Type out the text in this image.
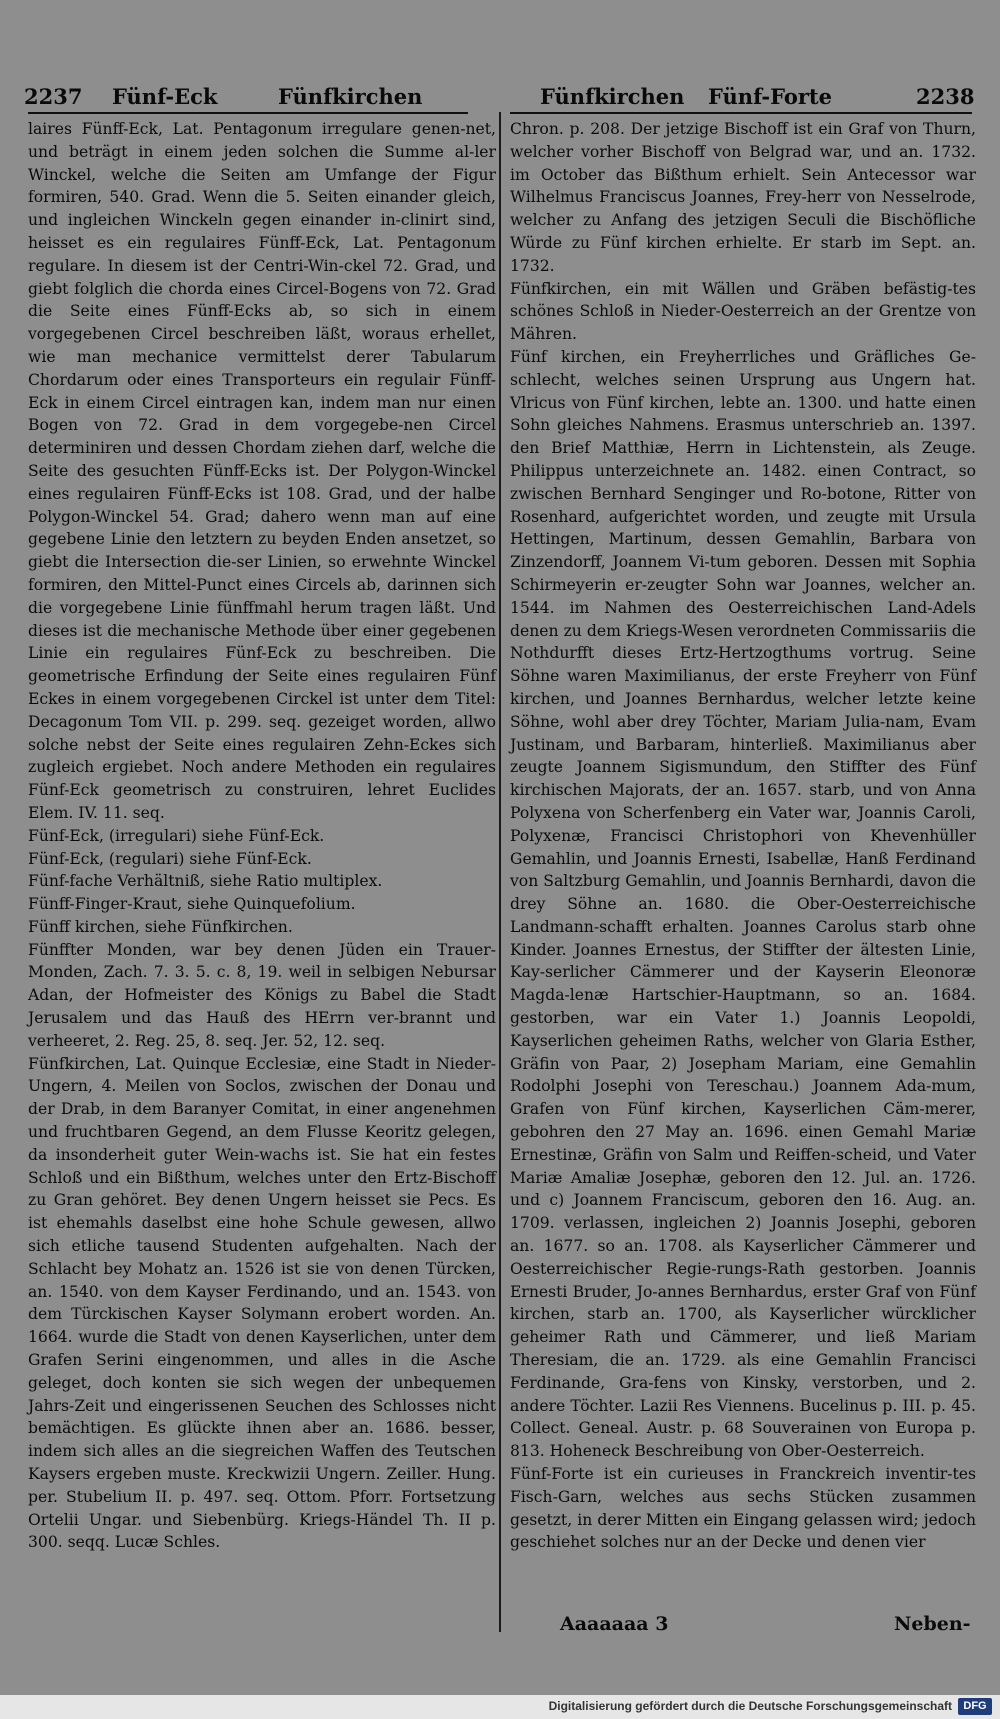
2237 Fünf-Eck	Fünfkirchen	Fünfkirchen Fünf-Forte	2238

laires Fünff-Eck, Lat. Pentagonum irregulare genen-net, und beträgt in einem jeden solchen die Summe al-ler Winckel, welche die Seiten am Umfange der Figur formiren, 540. Grad. Wenn die 5. Seiten einander gleich, und ingleichen Winckeln gegen einander in-clinirt sind, heisset es ein regulaires Fünff-Eck, Lat. Pentagonum regulare. In diesem ist der Centri-Win-ckel 72. Grad, und giebt folglich die chorda eines Circel-Bogens von 72. Grad die Seite eines Fünff-Ecks ab, so sich in einem vorgegebenen Circel beschreiben läßt, woraus erhellet, wie man mechanice vermittelst derer Tabularum Chordarum oder eines Transporteurs ein regulair Fünff-Eck in einem Circel eintragen kan, indem man nur einen Bogen von 72. Grad in dem vorgegebe-nen Circel determiniren und dessen Chordam ziehen darf, welche die Seite des gesuchten Fünff-Ecks ist. Der Polygon-Winckel eines regulairen Fünff-Ecks ist 108. Grad, und der halbe Polygon-Winckel 54. Grad; dahero wenn man auf eine gegebene Linie den letztern zu beyden Enden ansetzet, so giebt die Intersection die-ser Linien, so erwehnte Winckel formiren, den Mittel-Punct eines Circels ab, darinnen sich die vorgegebene Linie fünffmahl herum tragen läßt. Und dieses ist die mechanische Methode über einer gegebenen Linie ein regulaires Fünf-Eck zu beschreiben. Die geometrische Erfindung der Seite eines regulairen Fünf Eckes in einem vorgegebenen Circkel ist unter dem Titel: Decagonum Tom VII. p. 299. seq. gezeiget worden, allwo solche nebst der Seite eines regulairen Zehn-Eckes sich zugleich ergiebet. Noch andere Methoden ein regulaires Fünf-Eck geometrisch zu construiren, lehret Euclides Elem. IV. 11. seq.

Fünf-Eck, (irregulari) siehe Fünf-Eck.

Fünf-Eck, (regulari) siehe Fünf-Eck.

Fünf-fache Verhältniß, siehe Ratio multiplex.

Fünff-Finger-Kraut, siehe Quinquefolium.

Fünff kirchen, siehe Fünfkirchen.

Fünffter Monden, war bey denen Jüden ein Trauer-Monden, Zach. 7. 3. 5. c. 8, 19. weil in selbigen Nebursar Adan, der Hofmeister des Königs zu Babel die Stadt Jerusalem und das Hauß des HErrn ver-brannt und verheeret, 2. Reg. 25, 8. seq. Jer. 52, 12. seq.

Fünfkirchen, Lat. Quinque Ecclesiæ, eine Stadt in Nieder-Ungern, 4. Meilen von Soclos, zwischen der Donau und der Drab, in dem Baranyer Comitat, in einer angenehmen und fruchtbaren Gegend, an dem Flusse Keoritz gelegen, da insonderheit guter Wein-wachs ist. Sie hat ein festes Schloß und ein Bißthum, welches unter den Ertz-Bischoff zu Gran gehöret. Bey denen Ungern heisset sie Pecs. Es ist ehemahls daselbst eine hohe Schule gewesen, allwo sich etliche tausend Studenten aufgehalten. Nach der Schlacht bey Mohatz an. 1526 ist sie von denen Türcken, an. 1540. von dem Kayser Ferdinando, und an. 1543. von dem Türckischen Kayser Solymann erobert worden. An. 1664. wurde die Stadt von denen Kayserlichen, unter dem Grafen Serini eingenommen, und alles in die Asche geleget, doch konten sie sich wegen der unbequemen Jahrs-Zeit und eingerissenen Seuchen des Schlosses nicht bemächtigen. Es glückte ihnen aber an. 1686. besser, indem sich alles an die siegreichen Waffen des Teutschen Kaysers ergeben muste. Kreckwizii Ungern. Zeiller. Hung. per. Stubelium II. p. 497. seq. Ottom. Pforr. Fortsetzung Ortelii Ungar. und Siebenbürg. Kriegs-Händel Th. II p. 300. seqq. Lucæ Schles.

Chron. p. 208. Der jetzige Bischoff ist ein Graf von Thurn, welcher vorher Bischoff von Belgrad war, und an. 1732. im October das Bißthum erhielt. Sein Antecessor war Wilhelmus Franciscus Joannes, Frey-herr von Nesselrode, welcher zu Anfang des jetzigen Seculi die Bischöfliche Würde zu Fünf kirchen erhielte. Er starb im Sept. an. 1732.

Fünfkirchen, ein mit Wällen und Gräben befästig-tes schönes Schloß in Nieder-Oesterreich an der Grentze von Mähren.

Fünf kirchen, ein Freyherrliches und Gräfliches Ge-schlecht, welches seinen Ursprung aus Ungern hat. Vlricus von Fünf kirchen, lebte an. 1300. und hatte einen Sohn gleiches Nahmens. Erasmus unterschrieb an. 1397. den Brief Matthiæ, Herrn in Lichtenstein, als Zeuge. Philippus unterzeichnete an. 1482. einen Contract, so zwischen Bernhard Senginger und Ro-botone, Ritter von Rosenhard, aufgerichtet worden, und zeugte mit Ursula Hettingen, Martinum, dessen Gemahlin, Barbara von Zinzendorff, Joannem Vi-tum geboren. Dessen mit Sophia Schirmeyerin er-zeugter Sohn war Joannes, welcher an. 1544. im Nahmen des Oesterreichischen Land-Adels denen zu dem Kriegs-Wesen verordneten Commissariis die Nothdurfft dieses Ertz-Hertzogthums vortrug. Seine Söhne waren Maximilianus, der erste Freyherr von Fünf kirchen, und Joannes Bernhardus, welcher letzte keine Söhne, wohl aber drey Töchter, Mariam Julia-nam, Evam Justinam, und Barbaram, hinterließ. Maximilianus aber zeugte Joannem Sigismundum, den Stiffter des Fünf kirchischen Majorats, der an. 1657. starb, und von Anna Polyxena von Scherfenberg ein Vater war, Joannis Caroli, Polyxenæ, Francisci Christophori von Khevenhüller Gemahlin, und Joannis Ernesti, Isabellæ, Hanß Ferdinand von Saltzburg Gemahlin, und Joannis Bernhardi, davon die drey Söhne an. 1680. die Ober-Oesterreichische Landmann-schafft erhalten. Joannes Carolus starb ohne Kinder. Joannes Ernestus, der Stiffter der ältesten Linie, Kay-serlicher Cämmerer und der Kayserin Eleonoræ Magda-lenæ Hartschier-Hauptmann, so an. 1684. gestorben, war ein Vater 1.) Joannis Leopoldi, Kayserlichen geheimen Raths, welcher von Glaria Esther, Gräfin von Paar, 2) Josepham Mariam, eine Gemahlin Rodolphi Josephi von Tereschau.) Joannem Ada-mum, Grafen von Fünf kirchen, Kayserlichen Cäm-merer, gebohren den 27 May an. 1696. einen Gemahl Mariæ Ernestinæ, Gräfin von Salm und Reiffen-scheid, und Vater Mariæ Amaliæ Josephæ, geboren den 12. Jul. an. 1726. und c) Joannem Franciscum, geboren den 16. Aug. an. 1709. verlassen, ingleichen 2) Joannis Josephi, geboren an. 1677. so an. 1708. als Kayserlicher Cämmerer und Oesterreichischer Regie-rungs-Rath gestorben. Joannis Ernesti Bruder, Jo-annes Bernhardus, erster Graf von Fünf kirchen, starb an. 1700, als Kayserlicher würcklicher geheimer Rath und Cämmerer, und ließ Mariam Theresiam, die an. 1729. als eine Gemahlin Francisci Ferdinande, Gra-fens von Kinsky, verstorben, und 2. andere Töchter. Lazii Res Viennens. Bucelinus p. III. p. 45. Collect. Geneal. Austr. p. 68 Souverainen von Europa p. 813. Hoheneck Beschreibung von Ober-Oesterreich.

Fünf-Forte ist ein curieuses in Franckreich inventir-tes Fisch-Garn, welches aus sechs Stücken zusammen gesetzt, in derer Mitten ein Eingang gelassen wird; jedoch geschiehet solches nur an der Decke und denen vier

Aaaaaaa 3	Neben-
Digitalisierung gefördert durch die Deutsche Forschungsgemeinschaft	DFG
